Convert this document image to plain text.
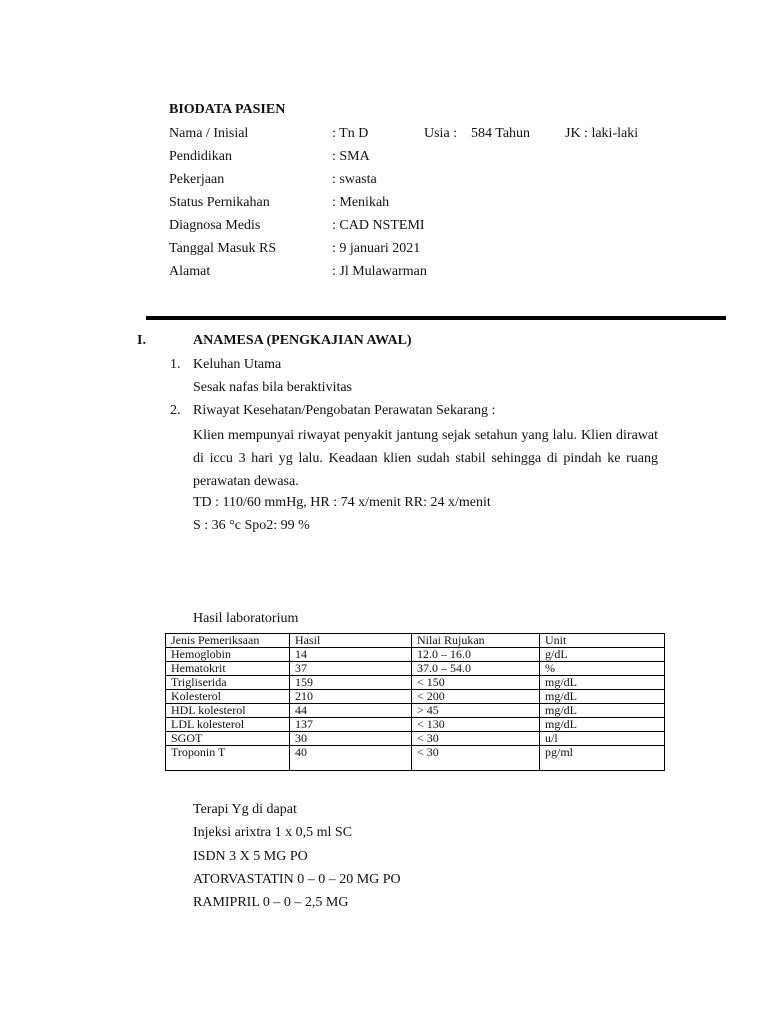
BIODATA PASIEN
Nama / Inisial	: Tn D	Usia : 584 Tahun JK : laki-laki
Pendidikan	: SMA
Pekerjaan	: swasta
Status Pernikahan	: Menikah
Diagnosa Medis	: CAD NSTEMI
Tanggal Masuk RS	: 9 januari 2021
Alamat	: Jl Mulawarman
I.	ANAMESA (PENGKAJIAN AWAL)
1. Keluhan Utama
Sesak nafas bila beraktivitas
2. Riwayat Kesehatan/Pengobatan Perawatan Sekarang :
Klien mempunyai riwayat penyakit jantung sejak setahun yang lalu. Klien dirawat di iccu 3 hari yg lalu. Keadaan klien sudah stabil sehingga di pindah ke ruang perawatan dewasa.
TD : 110/60 mmHg, HR : 74 x/menit RR: 24 x/menit
S : 36 °c Spo2: 99 %
Hasil laboratorium
Jenis Pemeriksaan	Hasil	Nilai Rujukan	Unit
Hemoglobin	14	12.0 – 16.0	g/dL
Hematokrit	37	37.0 – 54.0	%
Trigliserida	159	< 150	mg/dL
Kolesterol	210	< 200	mg/dL
HDL kolesterol	44	> 45	mg/dL
LDL kolesterol	137	< 130	mg/dL
SGOT	30	< 30	u/l
Troponin T	40	< 30	pg/ml
Terapi Yg di dapat
Injeksi arixtra 1 x 0,5 ml SC
ISDN 3 X 5 MG PO
ATORVASTATIN 0 – 0 – 20 MG PO
RAMIPRIL 0 – 0 – 2,5 MG
